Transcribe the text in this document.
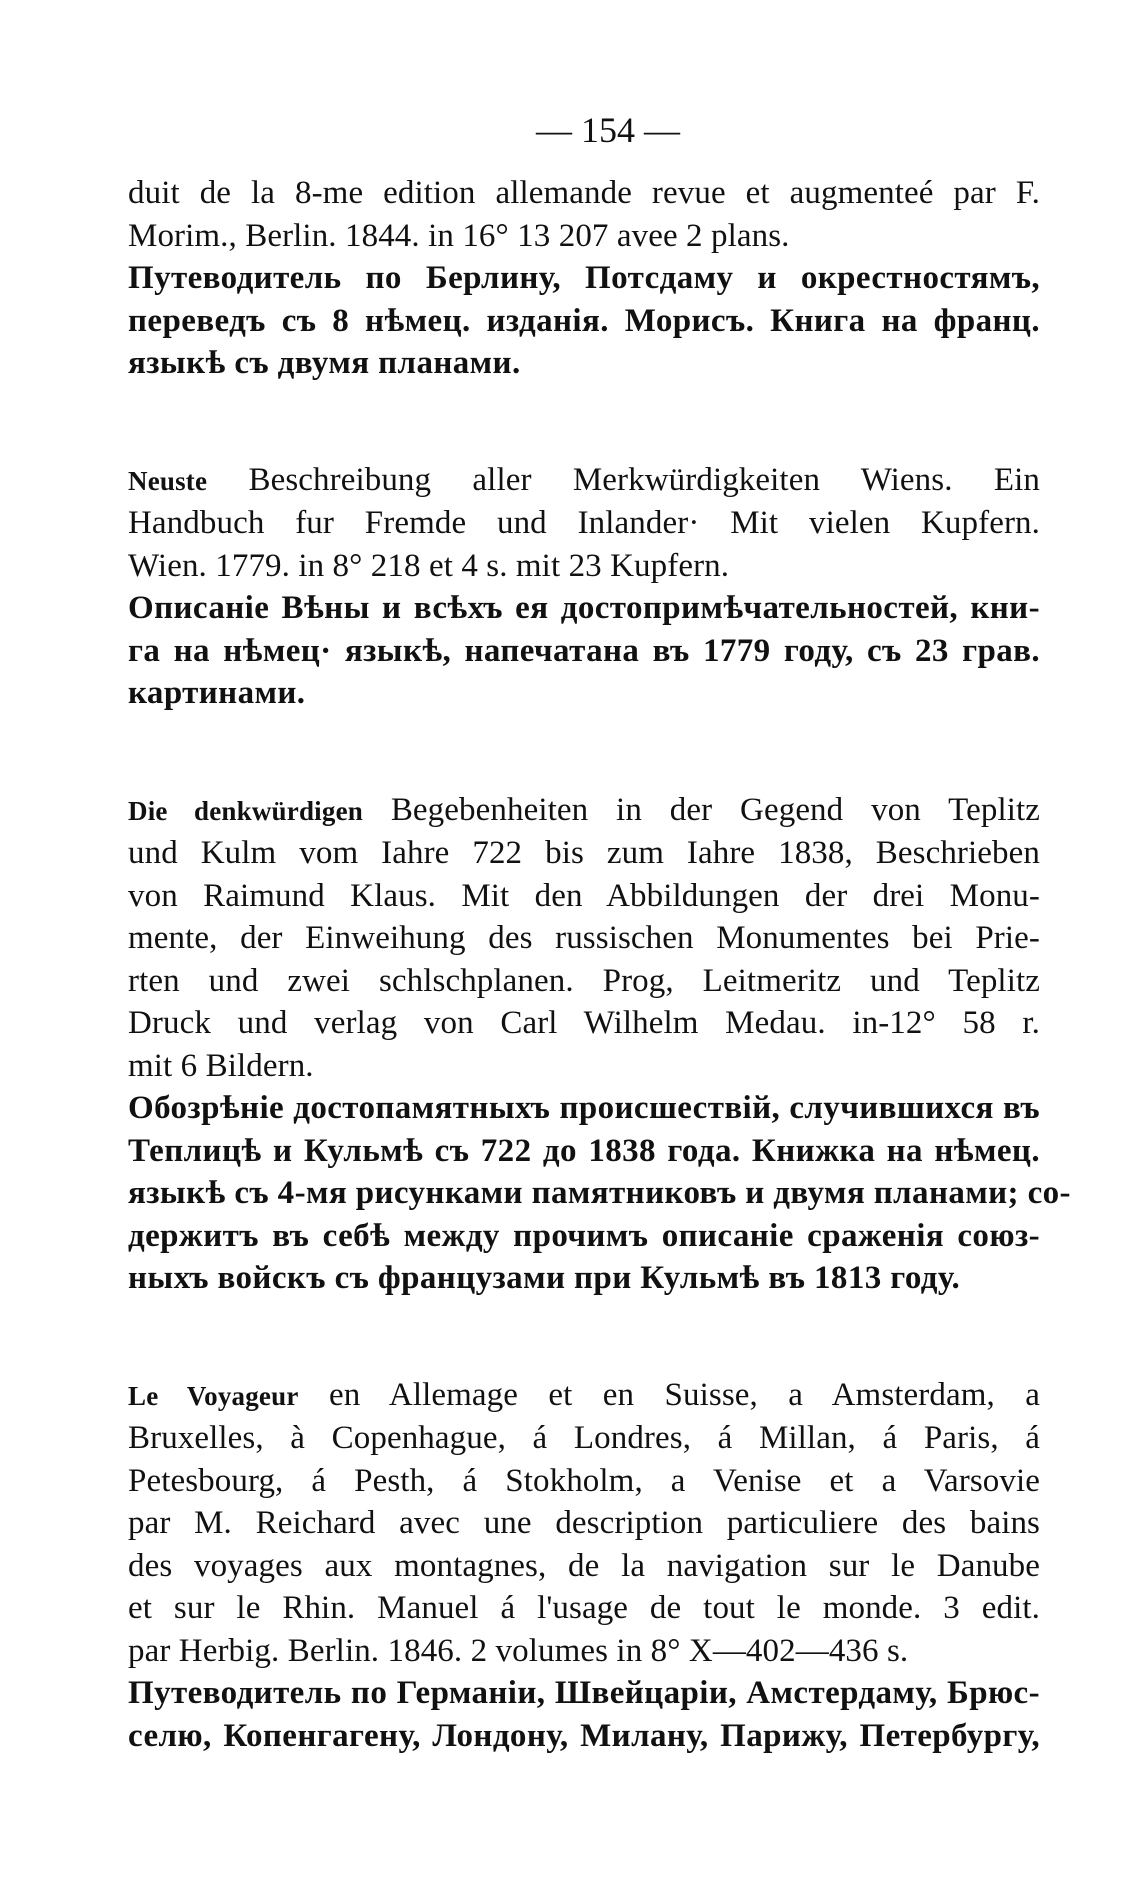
— 154 —
duit de la 8-me edition allemande revue et augmenteé par F.
Morim., Berlin. 1844. in 16° 13 207 avee 2 plans.
Путеводитель по Берлину, Потсдаму и окрестностямъ,
переведъ съ 8 нѣмец. изданія. Морисъ. Книга на франц.
языкѣ съ двумя планами.
Neuste Beschreibung aller Merkwürdigkeiten Wiens. Ein
Handbuch fur Fremde und Inlander· Mit vielen Kupfern.
Wien. 1779. in 8° 218 et 4 s. mit 23 Kupfern.
Описаніе Вѣны и всѣхъ ея достопримѣчательностей, кни-
га на нѣмец· языкѣ, напечатана въ 1779 году, съ 23 грав.
картинами.
Die denkwürdigen Begebenheiten in der Gegend von Teplitz
und Kulm vom Iahre 722 bis zum Iahre 1838, Beschrieben
von Raimund Klaus. Mit den Abbildungen der drei Monu-
mente, der Einweihung des russischen Monumentes bei Prie-
rten und zwei schlschplanen. Prog, Leitmeritz und Teplitz
Druck und verlag von Carl Wilhelm Medau. in-12° 58 r.
mit 6 Bildern.
Обозрѣніе достопамятныхъ происшествій, случившихся въ
Теплицѣ и Кульмѣ съ 722 до 1838 года. Книжка на нѣмец.
языкѣ съ 4-мя рисунками памятниковъ и двумя планами; со-
держитъ въ себѣ между прочимъ описаніе сраженія союз-
ныхъ войскъ съ французами при Кульмѣ въ 1813 году.
Le Voyageur en Allemage et en Suisse, a Amsterdam, a
Bruxelles, à Copenhague, á Londres, á Millan, á Paris, á
Petesbourg, á Pesth, á Stokholm, a Venise et a Varsovie
par M. Reichard avec une description particuliere des bains
des voyages aux montagnes, de la navigation sur le Danube
et sur le Rhin. Manuel á l'usage de tout le monde. 3 edit.
par Herbig. Berlin. 1846. 2 volumes in 8° X—402—436 s.
Путеводитель по Германіи, Швейцаріи, Амстердаму, Брюс-
селю, Копенгагену, Лондону, Милану, Парижу, Петербургу,
